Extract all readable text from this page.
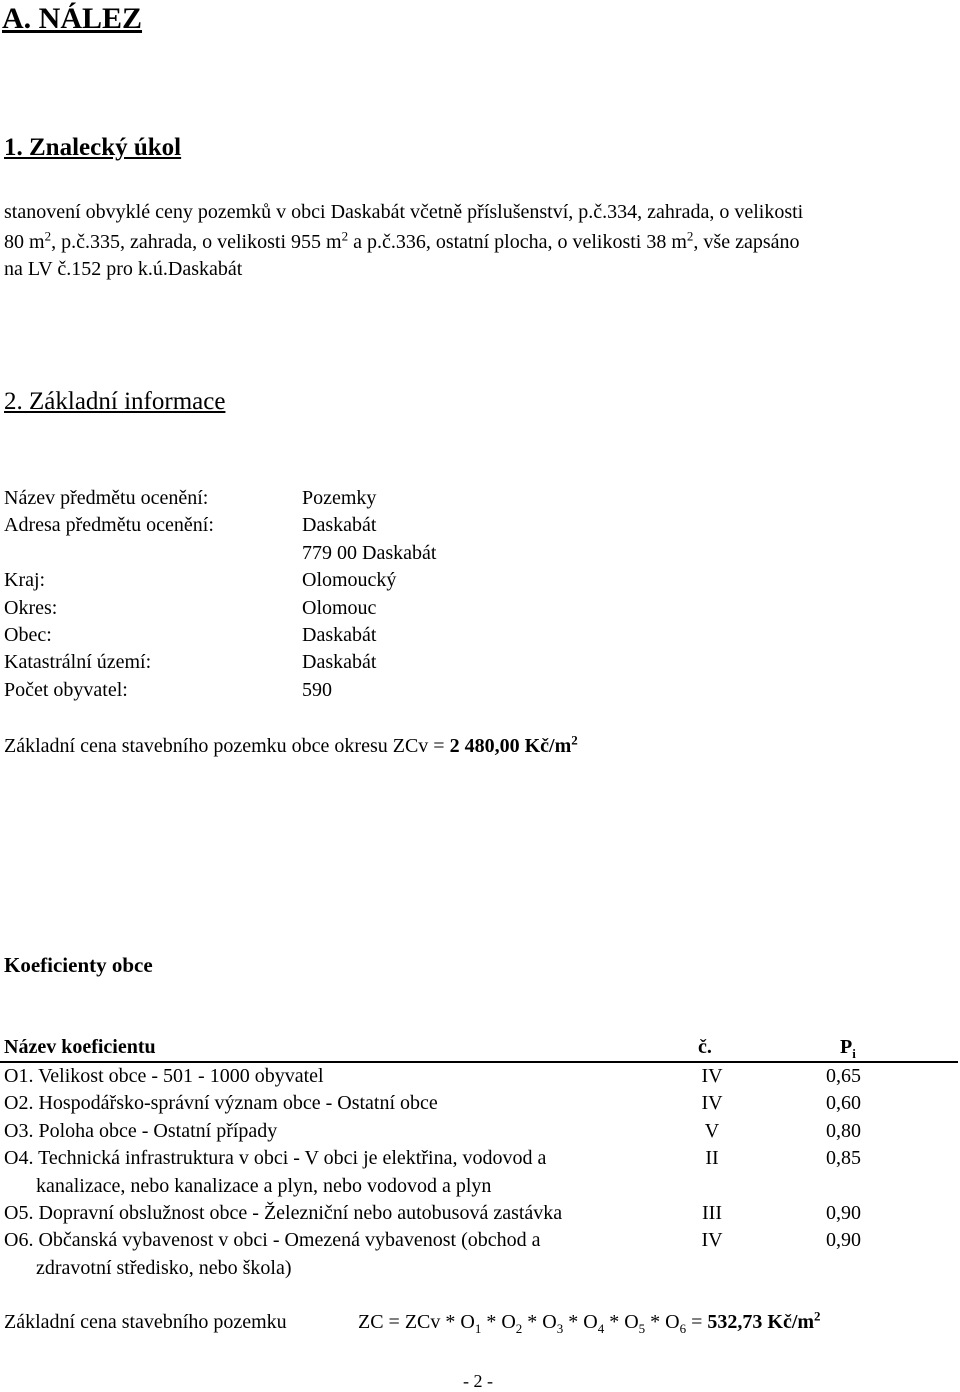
A. NÁLEZ
1. Znalecký úkol
stanovení obvyklé ceny pozemků v obci Daskabát včetně příslušenství, p.č.334, zahrada, o velikosti
80 $m^2$, p.č.335, zahrada, o velikosti 955 $m^2$ a p.č.336, ostatní plocha, o velikosti 38 $m^2$, vše zapsáno
na LV č.152 pro k.ú.Daskabát
2. Základní informace
Název předmětu ocenění:	Pozemky
Adresa předmětu ocenění:	Daskabát
779 00 Daskabát
Kraj:	Olomoucký
Okres:	Olomouc
Obec:	Daskabát
Katastrální území:	Daskabát
Počet obyvatel:	590
Základní cena stavebního pozemku obce okresu ZCv = 2 480,00 $Kč/m^2$
Koeficienty obce
Název koeficientu	č.	$P_i$
O1. Velikost obce - 501 - 1000 obyvatel	IV	0,65
O2. Hospodářsko-správní význam obce - Ostatní obce	IV	0,60
O3. Poloha obce - Ostatní případy	V	0,80
O4. Technická infrastruktura v obci - V obci je elektřina, vodovod a
kanalizace, nebo kanalizace a plyn, nebo vodovod a plyn
II	0,85
O5. Dopravní obslužnost obce - Železniční nebo autobusová zastávka	III	0,90
O6. Občanská vybavenost v obci - Omezená vybavenost (obchod a
zdravotní středisko, nebo škola)
IV	0,90
Základní cena stavebního pozemku	ZC = ZCv * $O_1 * O_2 * O_3 * O_4 * O_5 * O_6 = 532,73$ $Kč/m^2$
- 2 -
